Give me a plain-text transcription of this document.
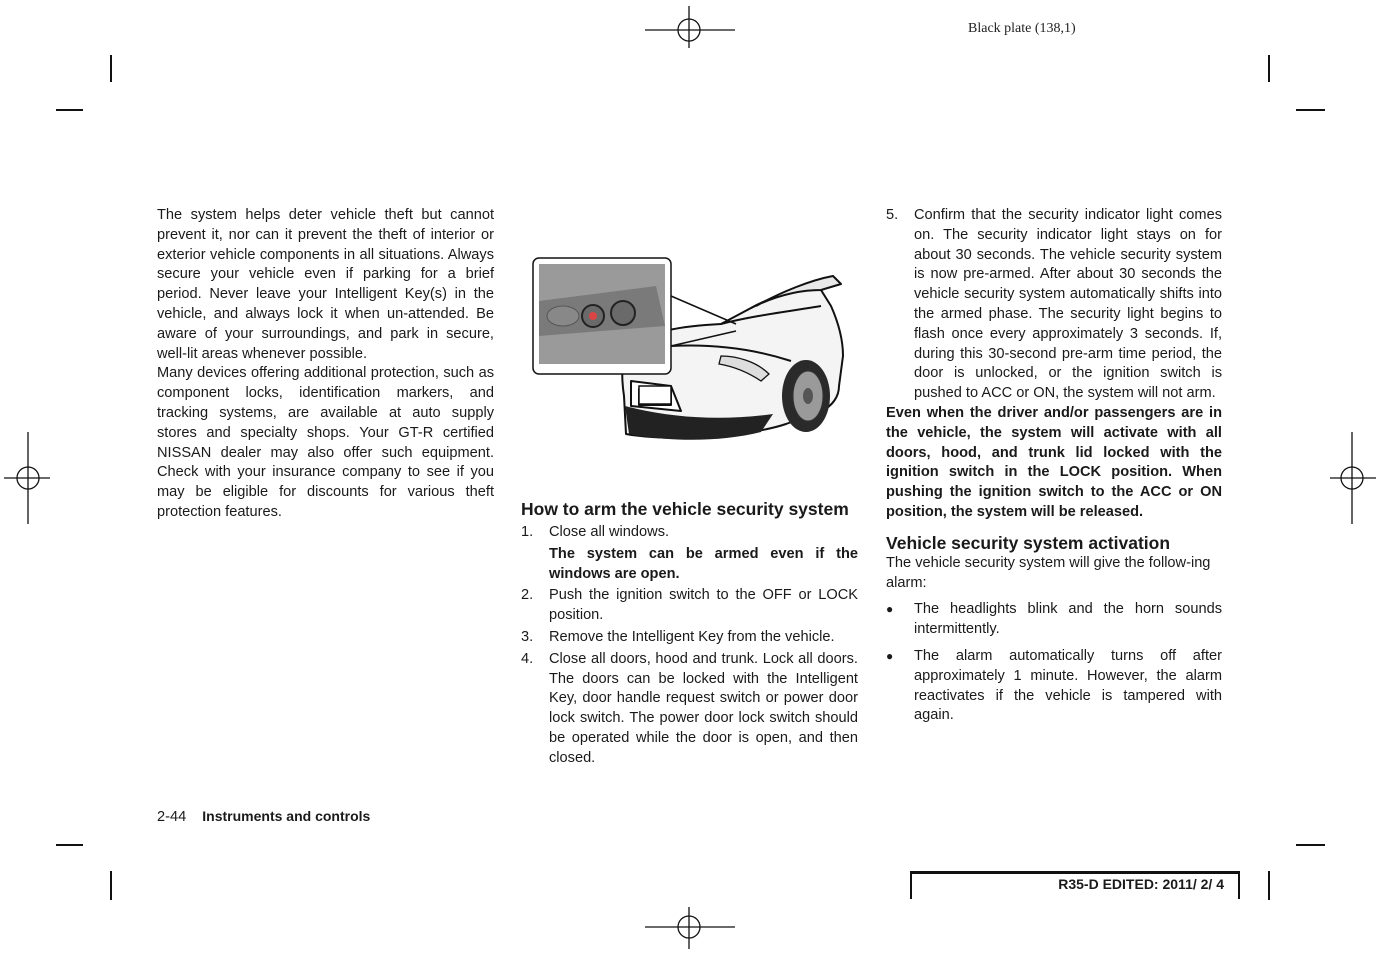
Black plate (138,1)

The system helps deter vehicle theft but cannot prevent it, nor can it prevent the theft of interior or exterior vehicle components in all situations. Always secure your vehicle even if parking for a brief period. Never leave your Intelligent Key(s) in the vehicle, and always lock it when un-attended. Be aware of your surroundings, and park in secure, well-lit areas whenever possible.

Many devices offering additional protection, such as component locks, identification markers, and tracking systems, are available at auto supply stores and specialty shops. Your GT-R certified NISSAN dealer may also offer such equipment. Check with your insurance company to see if you may be eligible for discounts for various theft protection features.	How to arm the vehicle security system
1. Close all windows.
The system can be armed even if the windows are open.
2. Push the ignition switch to the OFF or LOCK position.
3. Remove the Intelligent Key from the vehicle.
4. Close all doors, hood and trunk. Lock all doors. The doors can be locked with the Intelligent Key, door handle request switch or power door lock switch. The power door lock switch should be operated while the door is open, and then closed.
5. Confirm that the security indicator light comes on. The security indicator light stays on for about 30 seconds. The vehicle security system is now pre-armed. After about 30 seconds the vehicle security system automatically shifts into the armed phase. The security light begins to flash once every approximately 3 seconds. If, during this 30-second pre-arm time period, the door is unlocked, or the ignition switch is pushed to ACC or ON, the system will not arm.

Even when the driver and/or passengers are in the vehicle, the system will activate with all doors, hood, and trunk lid locked with the ignition switch in the LOCK position. When pushing the ignition switch to the ACC or ON position, the system will be released.

Vehicle security system activation

The vehicle security system will give the follow-ing alarm:

● The headlights blink and the horn sounds intermittently.
● The alarm automatically turns off after approximately 1 minute. However, the alarm reactivates if the vehicle is tampered with again.
2-44 Instruments and controls
R35-D EDITED: 2011/ 2/ 4
